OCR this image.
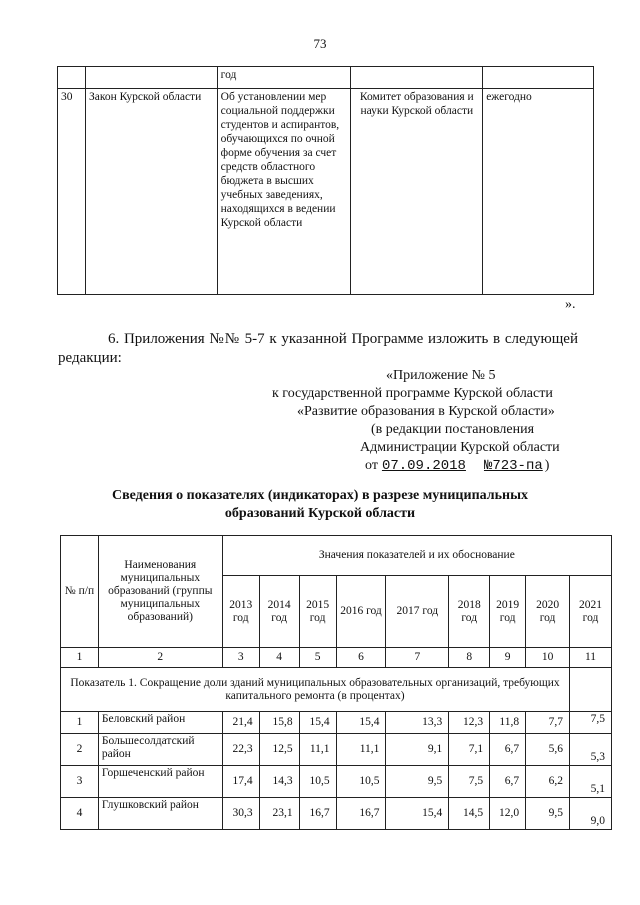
73
		год		
30	Закон Курской области	Об установлении мер социальной поддержки студентов и аспирантов, обучающихся по очной форме обучения за счет средств областного бюджета в высших учебных заведениях, находящихся в ведении Курской области	Комитет образования и науки Курской области	ежегодно
».
6. Приложения №№ 5-7 к указанной Программе изложить в следующей редакции:
«Приложение № 5
к государственной программе Курской области
«Развитие образования в Курской области»
(в редакции постановления
Администрации Курской области
от 07.09.2018 №723-па )
Сведения о показателях (индикаторах) в разрезе муниципальных
образований Курской области
№ п/п	Наименования муниципальных образований (группы муниципальных образований)	Значения показателей и их обоснование								
		2013 год	2014 год	2015 год	2016 год	2017 год	2018 год	2019 год	2020 год	2021 год
1	2	3	4	5	6	7	8	9	10	11
Показатель 1. Сокращение доли зданий муниципальных образовательных организаций, требующих капитального ремонта (в процентах)										
1	Беловский район	21,4	15,8	15,4	15,4	13,3	12,3	11,8	7,7	7,5
2	Большесолдатский район	22,3	12,5	11,1	11,1	9,1	7,1	6,7	5,6	5,3
3	Горшеченский район	17,4	14,3	10,5	10,5	9,5	7,5	6,7	6,2	5,1
4	Глушковский район	30,3	23,1	16,7	16,7	15,4	14,5	12,0	9,5	9,0
